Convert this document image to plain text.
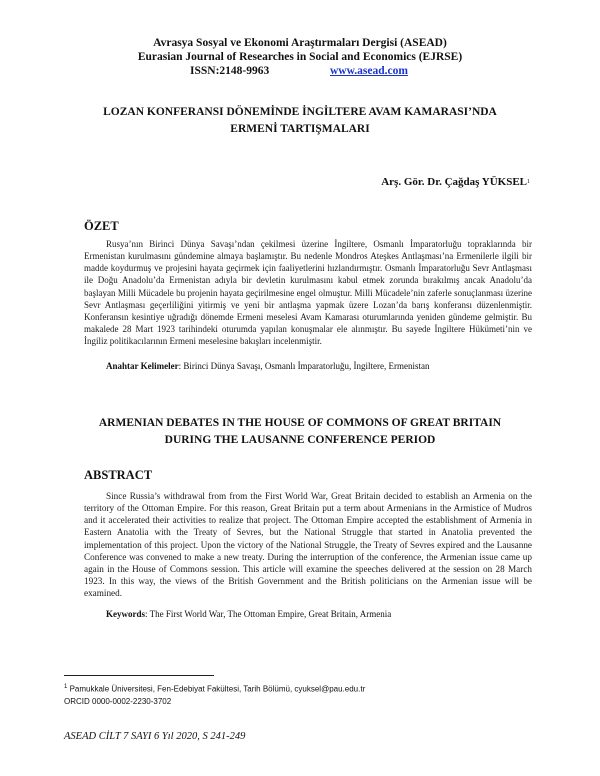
Avrasya Sosyal ve Ekonomi Araştırmaları Dergisi (ASEAD)
Eurasian Journal of Researches in Social and Economics (EJRSE)
ISSN:2148-9963	www.asead.com
LOZAN KONFERANSI DÖNEMİNDE İNGİLTERE AVAM KAMARASI’NDA
ERMENİ TARTIŞMALARI
Arş. Gör. Dr. Çağdaş YÜKSEL$^1$
ÖZET
Rusya’nın Birinci Dünya Savaşı’ndan çekilmesi üzerine İngiltere, Osmanlı İmparatorluğu topraklarında bir Ermenistan kurulmasını gündemine almaya başlamıştır. Bu nedenle Mondros Ateşkes Antlaşması’na Ermenilerle ilgili bir madde koydurmuş ve projesini hayata geçirmek için faaliyetlerini hızlandırmıştır. Osmanlı İmparatorluğu Sevr Antlaşması ile Doğu Anadolu’da Ermenistan adıyla bir devletin kurulmasını kabul etmek zorunda bırakılmış ancak Anadolu’da başlayan Milli Mücadele bu projenin hayata geçirilmesine engel olmuştur. Milli Mücadele’nin zaferle sonuçlanması üzerine Sevr Antlaşması geçerliliğini yitirmiş ve yeni bir antlaşma yapmak üzere Lozan’da barış konferansı düzenlenmiştir. Konferansın kesintiye uğradığı dönemde Ermeni meselesi Avam Kamarası oturumlarında yeniden gündeme gelmiştir. Bu makalede 28 Mart 1923 tarihindeki oturumda yapılan konuşmalar ele alınmıştır. Bu sayede İngiltere Hükümeti’nin ve İngiliz politikacılarının Ermeni meselesine bakışları incelenmiştir.
Anahtar Kelimeler: Birinci Dünya Savaşı, Osmanlı İmparatorluğu, İngiltere, Ermenistan
ARMENIAN DEBATES IN THE HOUSE OF COMMONS OF GREAT BRITAIN
DURING THE LAUSANNE CONFERENCE PERIOD
ABSTRACT
Since Russia’s withdrawal from from the First World War, Great Britain decided to establish an Armenia on the territory of the Ottoman Empire. For this reason, Great Britain put a term about Armenians in the Armistice of Mudros and it accelerated their activities to realize that project. The Ottoman Empire accepted the establishment of Armenia in Eastern Anatolia with the Treaty of Sevres, but the National Struggle that started in Anatolia prevented the implementation of this project. Upon the victory of the National Struggle, the Treaty of Sevres expired and the Lausanne Conference was convened to make a new treaty. During the interruption of the conference, the Armenian issue came up again in the House of Commons session. This article will examine the speeches delivered at the session on 28 March 1923. In this way, the views of the British Government and the British politicians on the Armenian issue will be examined.
Keywords: The First World War, The Ottoman Empire, Great Britain, Armenia
$^1$ Pamukkale Üniversitesi, Fen-Edebiyat Fakültesi, Tarih Bölümü, cyuksel@pau.edu.tr
ORCID 0000-0002-2230-3702
ASEAD CİLT 7 SAYI 6 Yıl 2020, S 241-249
